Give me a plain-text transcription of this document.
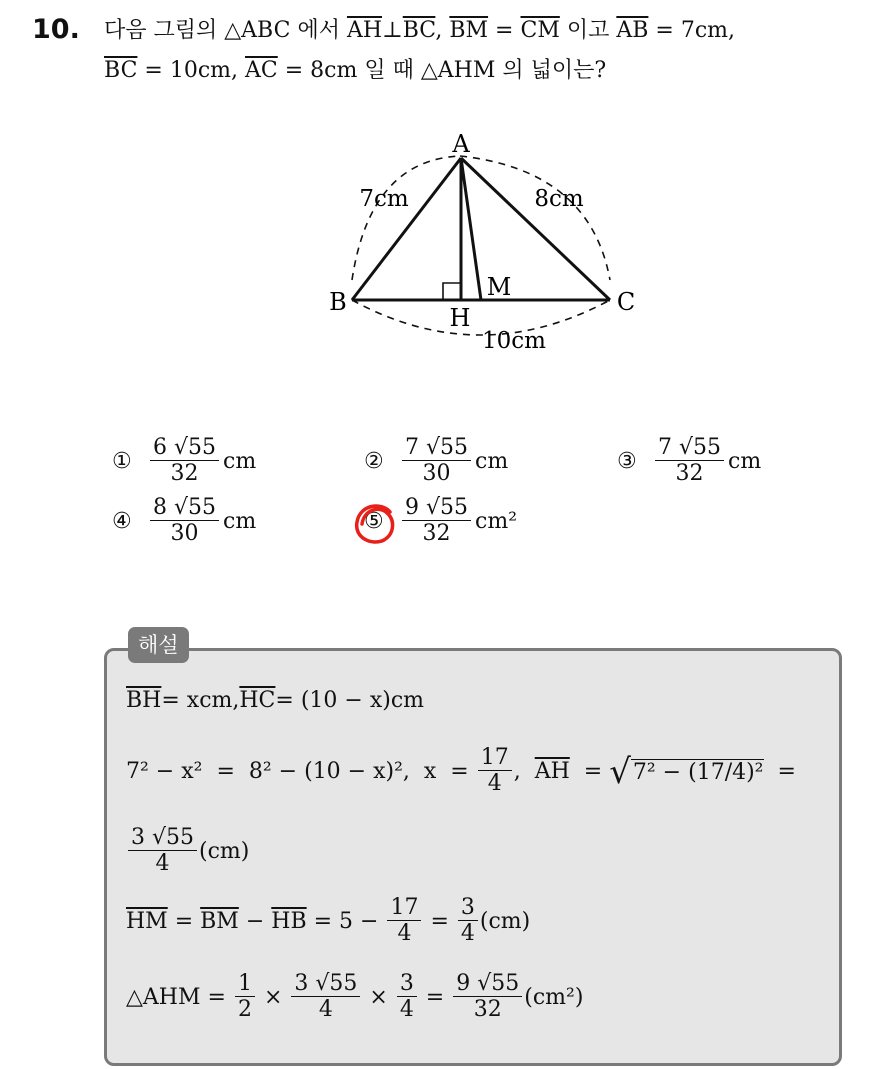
10. 다음 그림의 △ABC 에서 $\overline{AH}\perp\overline{BC}$, $\overline{BM} = \overline{CM}$ 이고 $\overline{AB} = 7cm$,
$\overline{BC} = 10cm$, $\overline{AC} = 8cm$ 일 때 △AHM 의 넓이는?
A
B	C
H
M
7cm	8cm
10cm
① $\frac{6 √55}{32}$ cm	② $\frac{7 √55}{30}$ cm	③ $\frac{7 √55}{32}$ cm
④ $\frac{8 √55}{30}$ cm	⑤ $\frac{9 √55}{32} cm^2$
해설
$\overline{BH}$ = xcm, $\overline{HC} = (10 - x)cm$
7² − x²  =  8² − (10 − x)²,  $x = \frac{17}{4}$ , $\overline{AH}$ = √ 7² − (17/4)² =
$\frac{3 √55}{4} (cm)$
$\overline{HM} = \overline{BM} - \overline{HB} = 5 - \frac{17}{4} = \frac{3}{4} (cm)$
△AHM = $\frac{1}{2} \times \frac{3 √55}{4} \times \frac{3}{4} = \frac{9 √55}{32} (cm^2)$
